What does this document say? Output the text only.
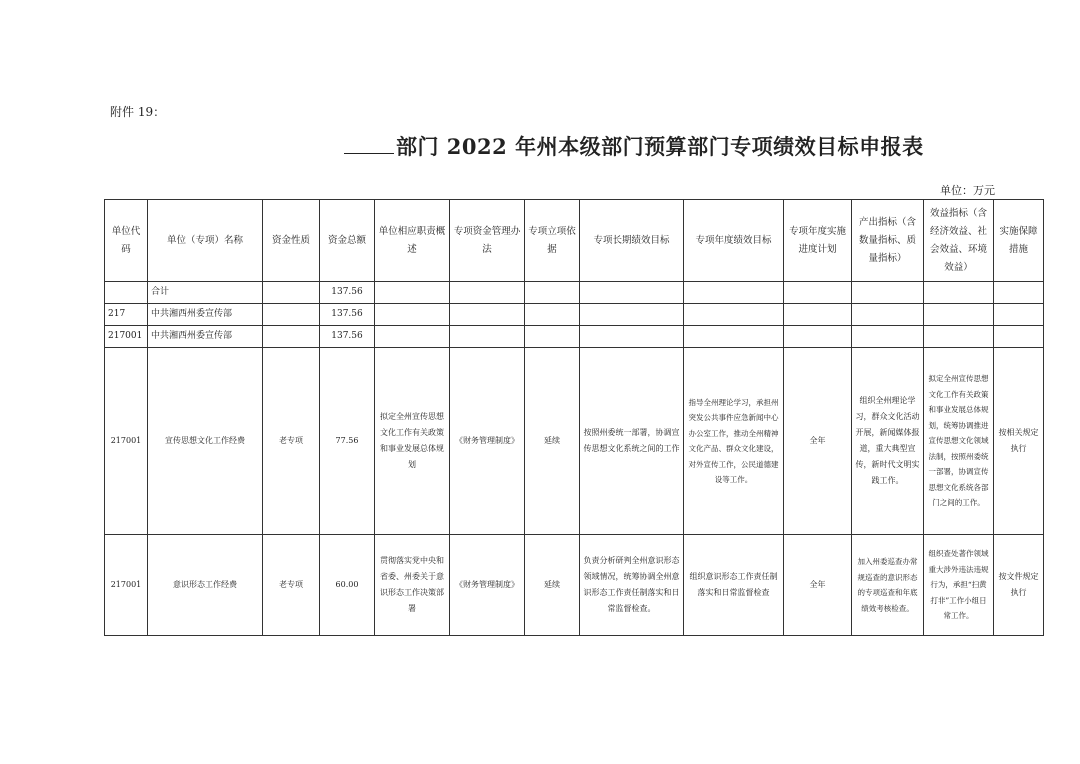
附件 19：
部门 2022 年州本级部门预算部门专项绩效目标申报表
单位：万元
单位代码	单位（专项）名称	资金性质	资金总额	单位相应职责概述	专项资金管理办法	专项立项依据	专项长期绩效目标	专项年度绩效目标	专项年度实施进度计划	产出指标（含数量指标、质量指标）	效益指标（含经济效益、社会效益、环境效益）	实施保障措施
	合计		137.56									
217	中共湘西州委宣传部		137.56									
217001	中共湘西州委宣传部		137.56									
217001	宣传思想文化工作经费	老专项	77.56	拟定全州宣传思想文化工作有关政策和事业发展总体规划	《财务管理制度》	延续	按照州委统一部署，协调宣传思想文化系统之间的工作	指导全州理论学习，承担州突发公共事件应急新闻中心办公室工作，推动全州精神文化产品、群众文化建设，对外宣传工作，公民道德建设等工作。	全年	组织全州理论学习，群众文化活动开展，新闻媒体报道，重大典型宣传，新时代文明实践工作。	拟定全州宣传思想文化工作有关政策和事业发展总体规划，统筹协调推进宣传思想文化领域法制，按照州委统一部署，协调宣传思想文化系统各部门之间的工作。	按相关规定执行
217001	意识形态工作经费	老专项	60.00	贯彻落实党中央和省委、州委关于意识形态工作决策部署	《财务管理制度》	延续	负责分析研判全州意识形态领域情况，统筹协调全州意识形态工作责任制落实和日常监督检查。	组织意识形态工作责任制落实和日常监督检查	全年	加入州委巡查办常规巡查的意识形态的专项巡查和年底绩效考核检查。	组织查处著作领域重大涉外违法违规行为，承担“扫黄打非”工作小组日常工作。	按文件规定执行
